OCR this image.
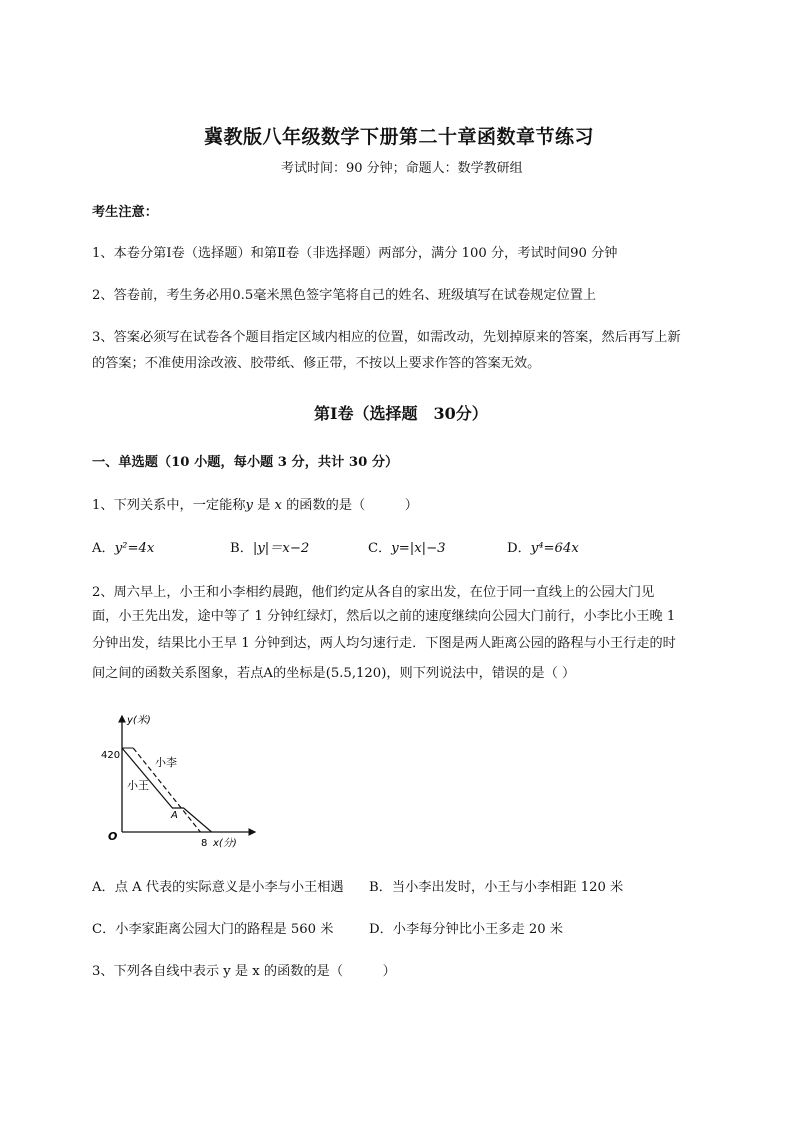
冀教版八年级数学下册第二十章函数章节练习
考试时间：90 分钟；命题人：数学教研组
考生注意：
1、本卷分第Ⅰ卷（选择题）和第Ⅱ卷（非选择题）两部分，满分 100 分，考试时间90 分钟
2、答卷前，考生务必用0.5毫米黑色签字笔将自己的姓名、班级填写在试卷规定位置上
3、答案必须写在试卷各个题目指定区域内相应的位置，如需改动，先划掉原来的答案，然后再写上新
的答案；不准使用涂改液、胶带纸、修正带，不按以上要求作答的答案无效。
第Ⅰ卷（选择题　30分）
一、单选题（10 小题，每小题 3 分，共计 30 分）
1、下列关系中，一定能称y 是 x 的函数的是（　　　）
A．y²=4x	B．|y|＝x−2	C．y=|x|−3	D．y⁴=64x
2、周六早上，小王和小李相约晨跑，他们约定从各自的家出发，在位于同一直线上的公园大门见
面，小王先出发，途中等了 1 分钟红绿灯，然后以之前的速度继续向公园大门前行，小李比小王晚 1
分钟出发，结果比小王早 1 分钟到达，两人均匀速行走．下图是两人距离公园的路程与小王行走的时
间之间的函数关系图象，若点A的坐标是(5.5,120)，则下列说法中，错误的是（ ）
y(米)
x(分)
420
8
O
A
小李
小王
A．点 A 代表的实际意义是小李与小王相遇 B．当小李出发时，小王与小李相距 120 米
C．小李家距离公园大门的路程是 560 米	D．小李每分钟比小王多走 20 米
3、下列各自线中表示 y 是 x 的函数的是（　　　）
